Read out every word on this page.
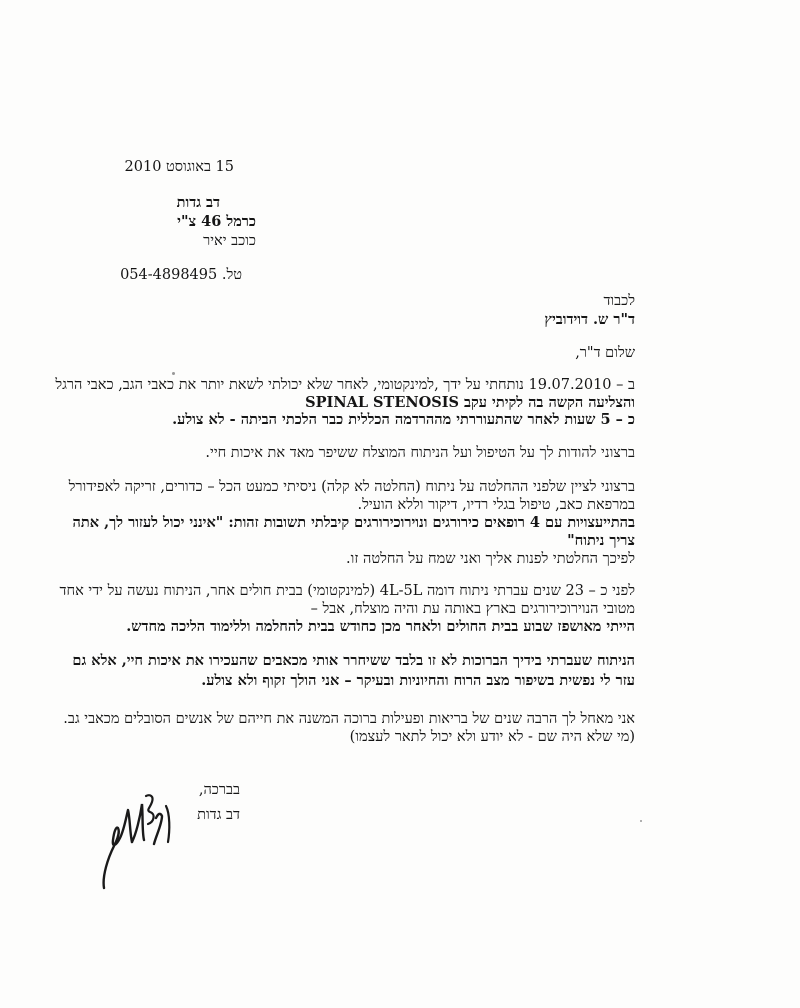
15 באוגוסט 2010
דב גדות
כרמל 46 צ"י
כוכב יאיר
טל. 054-4898495
לכבוד
ד"ר ש. דוידוביץ
שלום ד"ר,
ב – 19.07.2010 נותחתי על ידך ,למינקטומי, לאחר שלא יכולתי לשאת יותר את כאבי הגב, כאבי הרגל
והצליעה הקשה בה לקיתי עקב SPINAL STENOSIS
כ – 5 שעות לאחר שהתעוררתי מההרדמה הכללית כבר הלכתי הביתה - לא צולע.
ברצוני להודות לך על הטיפול ועל הניתוח המוצלח ששיפר מאד את איכות חיי.
ברצוני לציין שלפני ההחלטה על ניתוח (החלטה לא קלה) ניסיתי כמעט הכל – כדורים, זריקה לאפידורל
במרפאת כאב, טיפול בגלי רדיו, דיקור וללא הועיל.
בהתייעצויות עם 4 רופאים כירורגים ונוירוכירורגים קיבלתי תשובות זהות: "אינני יכול לעזור לך, אתה
צריך ניתוח"
לפיכך החלטתי לפנות אליך ואני שמח על החלטה זו.
לפני כ – 23 שנים עברתי ניתוח דומה 4L-5L (למינקטומי) בבית חולים אחר, הניתוח נעשה על ידי אחד
מטובי הנוירוכירורגים בארץ באותה עת והיה מוצלח, אבל –
הייתי מאושפז שבוע בבית החולים ולאחר מכן כחודש בבית להחלמה וללימוד הליכה מחדש.
הניתוח שעברתי בידיך הברוכות לא זו בלבד ששיחרר אותי מכאבים שהעכירו את איכות חיי, אלא גם
עזר לי נפשית בשיפור מצב הרוח והחיוניות ובעיקר – אני הולך זקוף ולא צולע.
אני מאחל לך הרבה שנים של בריאות ופעילות ברוכה המשנה את חייהם של אנשים הסובלים מכאבי גב.
(מי שלא היה שם - לא יודע ולא יכול לתאר לעצמו)
בברכה,
דב גדות
